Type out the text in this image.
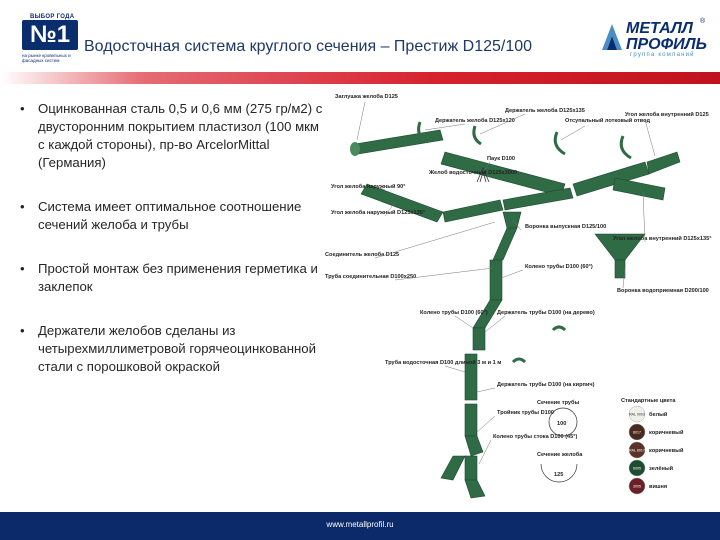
ВЫБОР ГОДА
№1
на рынке кровельных и фасадных систем
Водосточная система круглого сечения – Престиж D125/100
МЕТАЛЛ
ПРОФИЛЬ
группа компаний
®
• Оцинкованная сталь 0,5 и 0,6 мм (275 гр/м2) с двусторонним покрытием пластизол (100 мкм с каждой стороны), пр-во ArcelorMittal (Германия)
• Система имеет оптимальное соотношение сечений желоба и трубы
• Простой монтаж без применения герметика и заклепок
• Держатели желобов сделаны из четырехмиллиметровой горячеоцинкованной стали с порошковой окраской
Заглушка желоба D125
Держатель желоба D125х120
Держатель желоба D125х135
Отсупальный лотковый отвод
Угол желоба внутренний D125
Паук D100
Желоб водосточный D125х3000
Угол желоба наружный 90°
Угол желоба наружный D125х135°
Воронка выпускная D125/100
Соединитель желоба D125
Труба соединительная D100х250
Колено трубы D100 (60°)
Угол желоба внутренний D125х135°
Воронка водоприемная D200/100
Колено трубы D100 (60°) Держатель трубы D100 (на дерево)
Труба водосточная D100 длиной 3 м и 1 м
Держатель трубы D100 (на кирпич)
Тройник трубы D100
Колено трубы стока D100 (45°)
Сечение трубы
100
Сечение желоба
125
Стандартные цвета
RAL 9003 белый
8017 коричневый
RAL 8017 коричневый
6005 зелёный
3005 вишня
www.metallprofil.ru
